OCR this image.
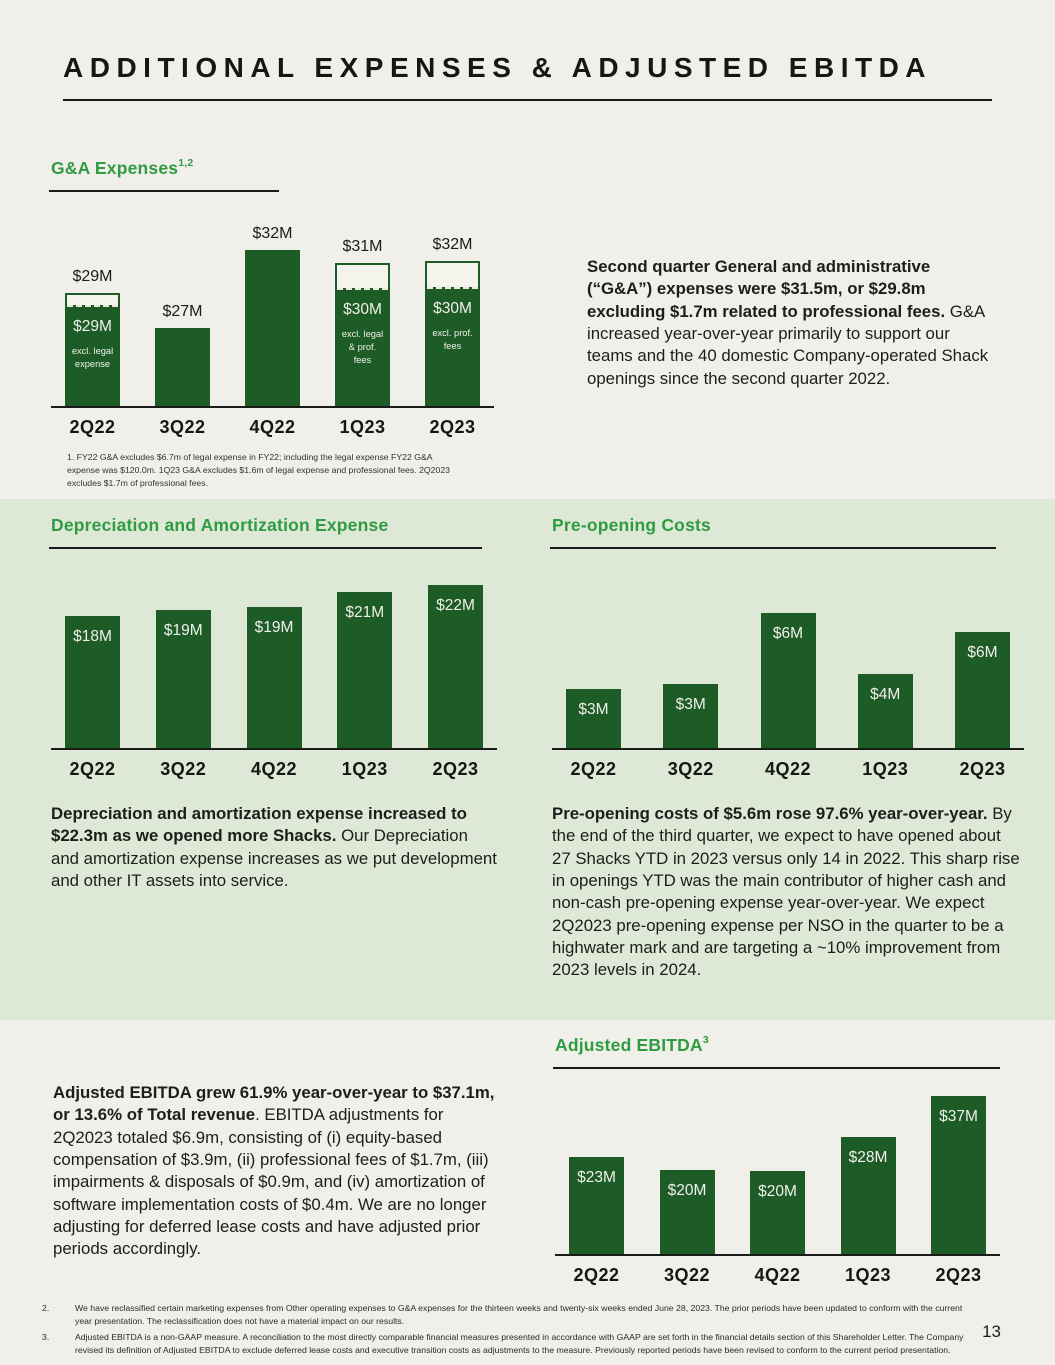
ADDITIONAL EXPENSES & ADJUSTED EBITDA
G&A Expenses$^{1,2}$
$29M
$29M
excl. legal expense
$27M
$32M
$31M
$30M
excl. legal & prof. fees
$32M
$30M
excl. prof. fees
2Q22 3Q22 4Q22 1Q23 2Q23

1. FY22 G&A excludes $6.7m of legal expense in FY22; including the legal expense FY22 G&A expense was $120.0m. 1Q23 G&A excludes $1.6m of legal expense and professional fees. 2Q2023 excludes $1.7m of professional fees.

Second quarter General and administrative (“G&A”) expenses were $31.5m, or $29.8m excluding $1.7m related to professional fees. G&A increased year-over-year primarily to support our teams and the 40 domestic Company-operated Shack openings since the second quarter 2022.

Depreciation and Amortization Expense
$18M	$19M	$19M
$21M	$22M
2Q22 3Q22 4Q22 1Q23 2Q23

Depreciation and amortization expense increased to $22.3m as we opened more Shacks. Our Depreciation and amortization expense increases as we put development and other IT assets into service.

Pre-opening Costs
$3M	$3M
$6M
$4M
$6M
2Q22	3Q22	4Q22	1Q23	2Q23

Pre-opening costs of $5.6m rose 97.6% year-over-year. By the end of the third quarter, we expect to have opened about 27 Shacks YTD in 2023 versus only 14 in 2022. This sharp rise in openings YTD was the main contributor of higher cash and non-cash pre-opening expense year-over-year. We expect 2Q2023 pre-opening expense per NSO in the quarter to be a highwater mark and are targeting a ~10% improvement from 2023 levels in 2024.

Adjusted EBITDA grew 61.9% year-over-year to $37.1m, or 13.6% of Total revenue. EBITDA adjustments for 2Q2023 totaled $6.9m, consisting of (i) equity-based compensation of $3.9m, (ii) professional fees of $1.7m, (iii) impairments & disposals of $0.9m, and (iv) amortization of software implementation costs of $0.4m. We are no longer adjusting for deferred lease costs and have adjusted prior periods accordingly.

Adjusted EBITDA$^3$
$23M
$20M	$20M
$28M
$37M
2Q22 3Q22 4Q22 1Q23 2Q23
2.	We have reclassified certain marketing expenses from Other operating expenses to G&A expenses for the thirteen weeks and twenty-six weeks ended June 28, 2023. The prior periods have been updated to conform with the current year presentation. The reclassification does not have a material impact on our results.
3.	Adjusted EBITDA is a non-GAAP measure. A reconciliation to the most directly comparable financial measures presented in accordance with GAAP are set forth in the financial details section of this Shareholder Letter. The Company revised its definition of Adjusted EBITDA to exclude deferred lease costs and executive transition costs as adjustments to the measure. Previously reported periods have been revised to conform to the current period presentation.
13
